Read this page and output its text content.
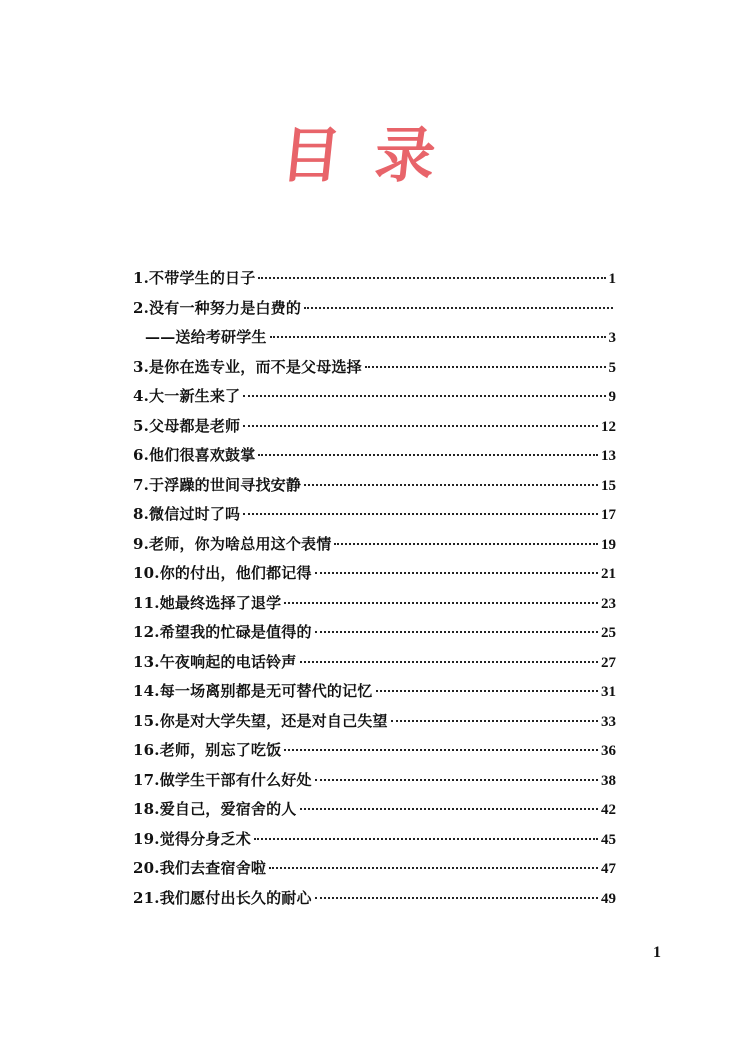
目录
1.不带学生的日子	1
2.没有一种努力是白费的
——送给考研学生	3
3.是你在选专业，而不是父母选择	5
4.大一新生来了	9
5.父母都是老师	12
6.他们很喜欢鼓掌	13
7.于浮躁的世间寻找安静	15
8.微信过时了吗	17
9.老师，你为啥总用这个表情	19
10.你的付出，他们都记得	21
11.她最终选择了退学	23
12.希望我的忙碌是值得的	25
13.午夜响起的电话铃声	27
14.每一场离别都是无可替代的记忆	31
15.你是对大学失望，还是对自己失望	33
16.老师，别忘了吃饭	36
17.做学生干部有什么好处	38
18.爱自己，爱宿舍的人	42
19.觉得分身乏术	45
20.我们去查宿舍啦	47
21.我们愿付出长久的耐心	49
1
